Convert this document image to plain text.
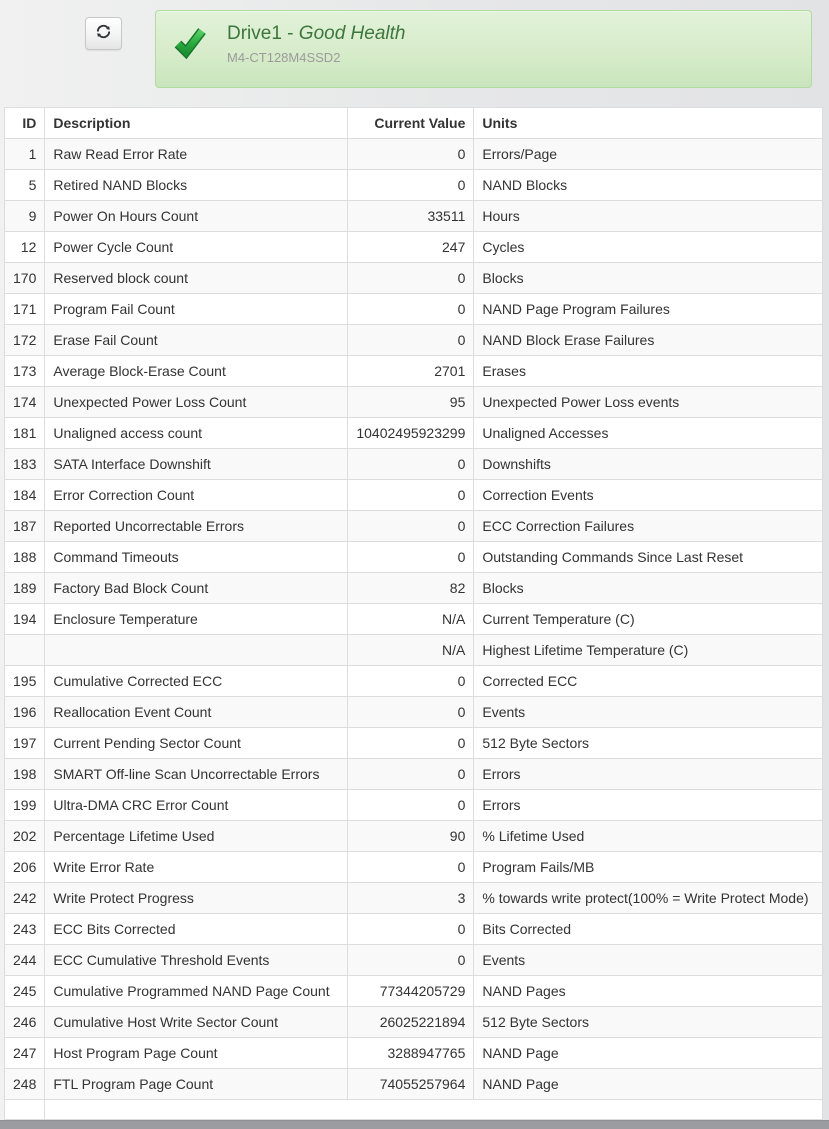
Drive1 - Good Health
M4-CT128M4SSD2
ID	Description	Current Value	Units
1	Raw Read Error Rate	0	Errors/Page
5	Retired NAND Blocks	0	NAND Blocks
9	Power On Hours Count	33511	Hours
12	Power Cycle Count	247	Cycles
170	Reserved block count	0	Blocks
171	Program Fail Count	0	NAND Page Program Failures
172	Erase Fail Count	0	NAND Block Erase Failures
173	Average Block-Erase Count	2701	Erases
174	Unexpected Power Loss Count	95	Unexpected Power Loss events
181	Unaligned access count	10402495923299	Unaligned Accesses
183	SATA Interface Downshift	0	Downshifts
184	Error Correction Count	0	Correction Events
187	Reported Uncorrectable Errors	0	ECC Correction Failures
188	Command Timeouts	0	Outstanding Commands Since Last Reset
189	Factory Bad Block Count	82	Blocks
194	Enclosure Temperature	N/A	Current Temperature (C)
		N/A	Highest Lifetime Temperature (C)
195	Cumulative Corrected ECC	0	Corrected ECC
196	Reallocation Event Count	0	Events
197	Current Pending Sector Count	0	512 Byte Sectors
198	SMART Off-line Scan Uncorrectable Errors	0	Errors
199	Ultra-DMA CRC Error Count	0	Errors
202	Percentage Lifetime Used	90	% Lifetime Used
206	Write Error Rate	0	Program Fails/MB
242	Write Protect Progress	3	% towards write protect(100% = Write Protect Mode)
243	ECC Bits Corrected	0	Bits Corrected
244	ECC Cumulative Threshold Events	0	Events
245	Cumulative Programmed NAND Page Count	77344205729	NAND Pages
246	Cumulative Host Write Sector Count	26025221894	512 Byte Sectors
247	Host Program Page Count	3288947765	NAND Page
248	FTL Program Page Count	74055257964	NAND Page
